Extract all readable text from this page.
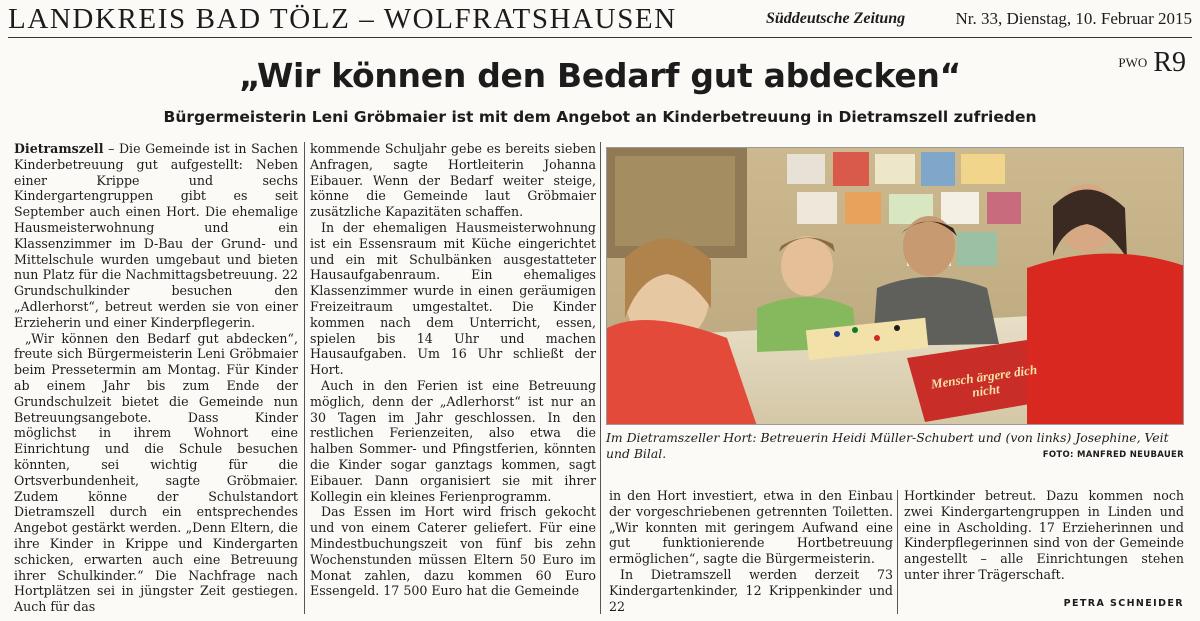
LANDKREIS BAD TÖLZ – WOLFRATSHAUSEN	Süddeutsche Zeitung	Nr. 33, Dienstag, 10. Februar 2015
PWO R9
„Wir können den Bedarf gut abdecken“
Bürgermeisterin Leni Gröbmaier ist mit dem Angebot an Kinderbetreuung in Dietramszell zufrieden

Dietramszell – Die Gemeinde ist in Sachen Kinderbetreuung gut aufgestellt: Neben einer Krippe und sechs Kindergartengruppen gibt es seit September auch einen Hort. Die ehemalige Hausmeisterwohnung und ein Klassenzimmer im D-Bau der Grund- und Mittelschule wurden umgebaut und bieten nun Platz für die Nachmittagsbetreuung. 22 Grundschulkinder besuchen den „Adlerhorst“, betreut werden sie von einer Erzieherin und einer Kinderpflegerin.

„Wir können den Bedarf gut abdecken“, freute sich Bürgermeisterin Leni Gröbmaier beim Pressetermin am Montag. Für Kinder ab einem Jahr bis zum Ende der Grundschulzeit bietet die Gemeinde nun Betreuungsangebote. Dass Kinder möglichst in ihrem Wohnort eine Einrichtung und die Schule besuchen könnten, sei wichtig für die Ortsverbundenheit, sagte Gröbmaier. Zudem könne der Schulstandort Dietramszell durch ein entsprechendes Angebot gestärkt werden. „Denn Eltern, die ihre Kinder in Krippe und Kindergarten schicken, erwarten auch eine Betreuung ihrer Schulkinder.“ Die Nachfrage nach Hortplätzen sei in jüngster Zeit gestiegen. Auch für das

kommende Schuljahr gebe es bereits sieben Anfragen, sagte Hortleiterin Johanna Eibauer. Wenn der Bedarf weiter steige, könne die Gemeinde laut Gröbmaier zusätzliche Kapazitäten schaffen.

In der ehemaligen Hausmeisterwohnung ist ein Essensraum mit Küche eingerichtet und ein mit Schulbänken ausgestatteter Hausaufgabenraum. Ein ehemaliges Klassenzimmer wurde in einen geräumigen Freizeitraum umgestaltet. Die Kinder kommen nach dem Unterricht, essen, spielen bis 14 Uhr und machen Hausaufgaben. Um 16 Uhr schließt der Hort.

Auch in den Ferien ist eine Betreuung möglich, denn der „Adlerhorst“ ist nur an 30 Tagen im Jahr geschlossen. In den restlichen Ferienzeiten, also etwa die halben Sommer- und Pfingstferien, könnten die Kinder sogar ganztags kommen, sagt Eibauer. Dann organisiert sie mit ihrer Kollegin ein kleines Ferienprogramm.

Das Essen im Hort wird frisch gekocht und von einem Caterer geliefert. Für eine Mindestbuchungszeit von fünf bis zehn Wochenstunden müssen Eltern 50 Euro im Monat zahlen, dazu kommen 60 Euro Essengeld. 17 500 Euro hat die Gemeinde

Mensch ärgere dich nicht
Im Dietramszeller Hort: Betreuerin Heidi Müller-Schubert und (von links) Josephine, Veit und Bilal.	FOTO: MANFRED NEUBAUER

in den Hort investiert, etwa in den Einbau der vorgeschriebenen getrennten Toiletten. „Wir konnten mit geringem Aufwand eine gut funktionierende Hortbetreuung ermöglichen“, sagte die Bürgermeisterin.

In Dietramszell werden derzeit 73 Kindergartenkinder, 12 Krippenkinder und 22

Hortkinder betreut. Dazu kommen noch zwei Kindergartengruppen in Linden und eine in Ascholding. 17 Erzieherinnen und Kinderpflegerinnen sind von der Gemeinde angestellt – alle Einrichtungen stehen unter ihrer Trägerschaft.

PETRA SCHNEIDER
